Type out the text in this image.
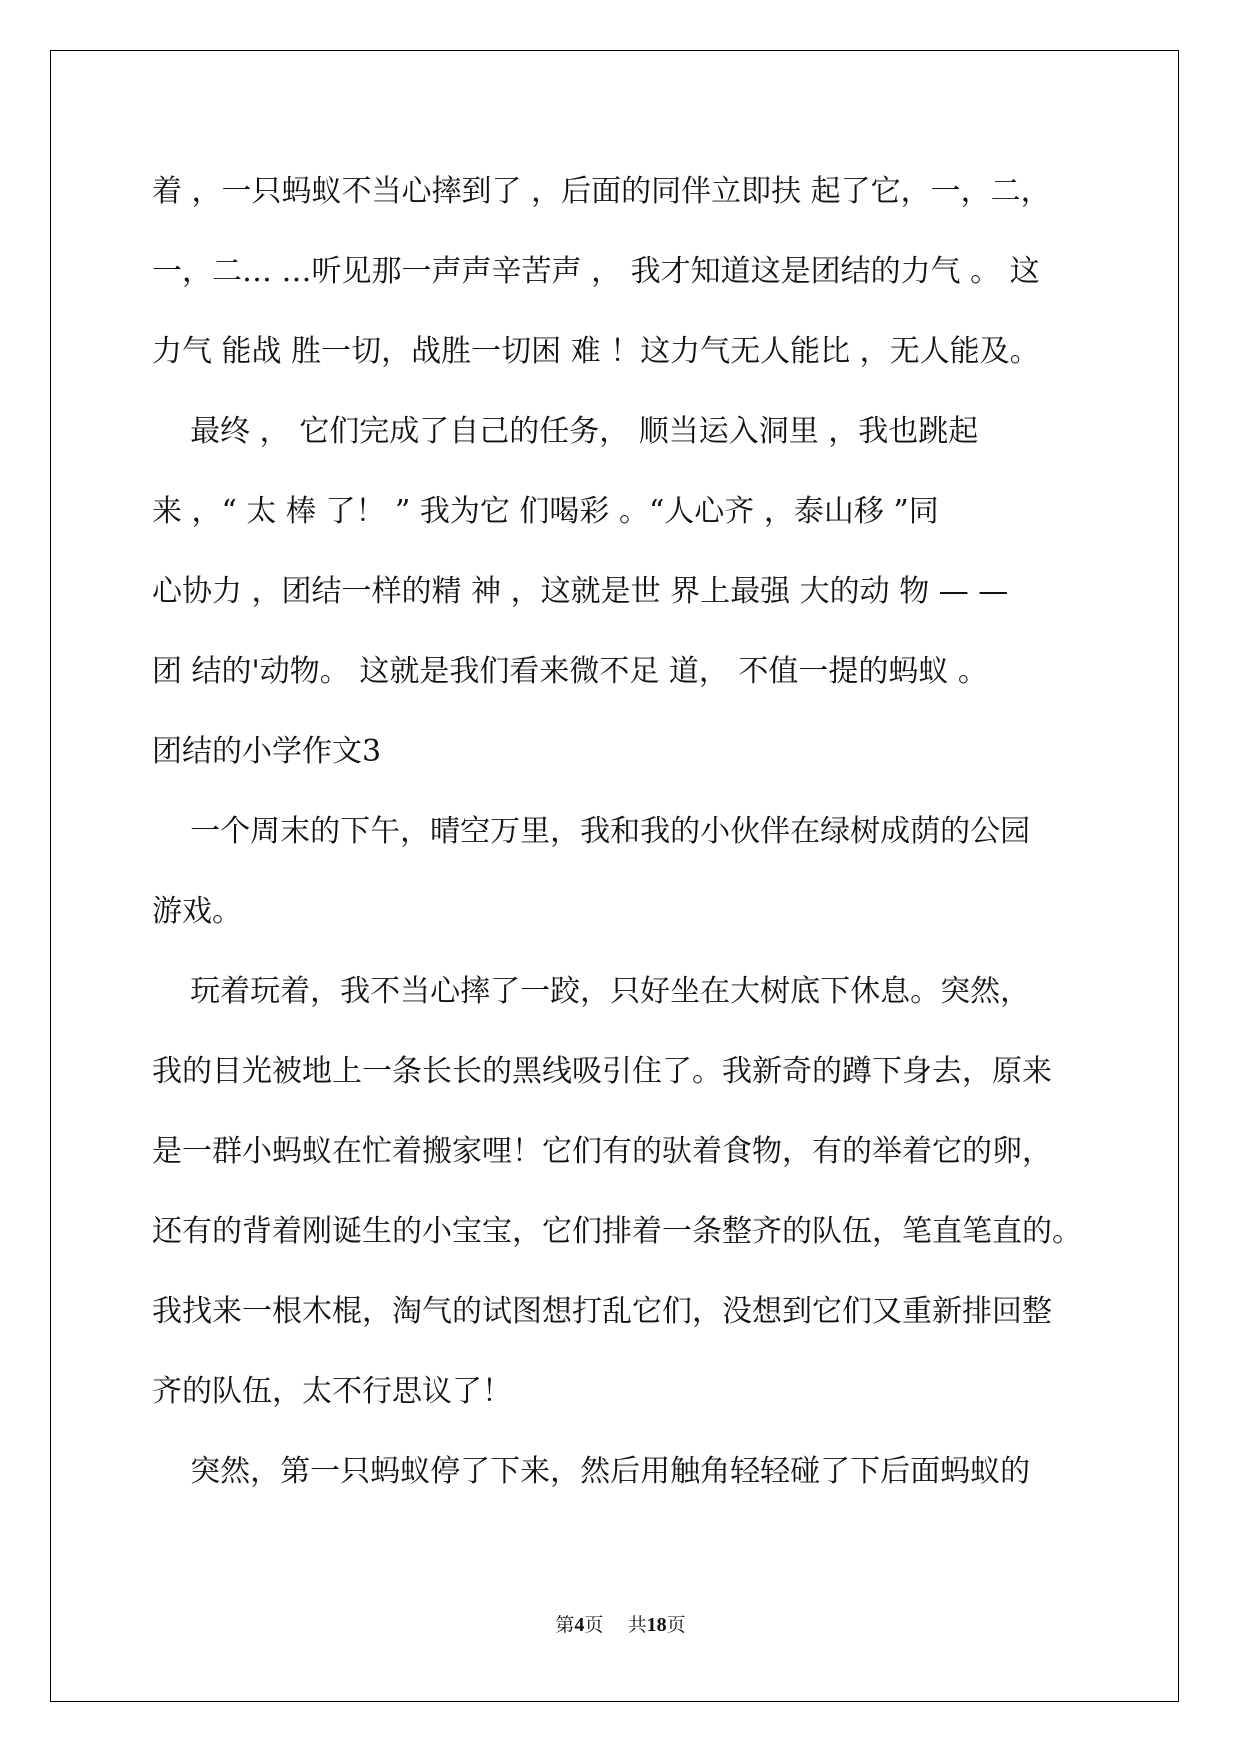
着 ，一只蚂蚁不当心摔到了 ，后面的同伴立即扶 起了它，一，二，
一，二… …听见那一声声辛苦声 ， 我才知道这是团结的力气 。 这
力气 能战 胜一切，战胜一切困 难 ！这力气无人能比 ，无人能及。
最终 ， 它们完成了自己的任务， 顺当运入洞里 ，我也跳起
来 ，“ 太 棒 了！ ” 我为它 们喝彩 。“人心齐 ，泰山移 ”同
心协力 ，团结一样的精 神 ，这就是世 界上最强 大的动 物 — —
团 结的'动物。 这就是我们看来微不足 道， 不值一提的蚂蚁 。
团结的小学作文3
一个周末的下午，晴空万里，我和我的小伙伴在绿树成荫的公园
游戏。
玩着玩着，我不当心摔了一跤，只好坐在大树底下休息。突然，
我的目光被地上一条长长的黑线吸引住了。我新奇的蹲下身去，原来
是一群小蚂蚁在忙着搬家哩！它们有的驮着食物，有的举着它的卵，
还有的背着刚诞生的小宝宝，它们排着一条整齐的队伍，笔直笔直的。
我找来一根木棍，淘气的试图想打乱它们，没想到它们又重新排回整
齐的队伍，太不行思议了！
突然，第一只蚂蚁停了下来，然后用触角轻轻碰了下后面蚂蚁的
第4页    共18页
